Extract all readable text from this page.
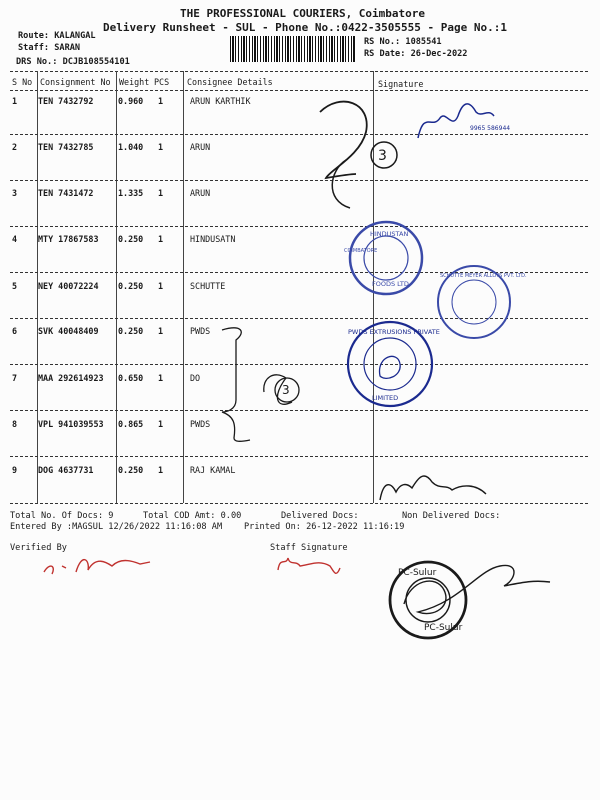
THE PROFESSIONAL COURIERS, Coimbatore
Delivery Runsheet - SUL - Phone No.:0422-3505555 - Page No.:1
Route: KALANGAL
Staff: SARAN
DRS No.: DCJB108554101
RS No.: 1085541
RS Date: 26-Dec-2022
S No Consignment No Weight PCS Consignee Details	Signature
1 TEN 7432792	0.960 1	ARUN KARTHIK
2 TEN 7432785	1.040 1	ARUN
3 TEN 7431472	1.335 1	ARUN
4 MTY 17867583 0.250 1	HINDUSATN
5 NEY 40072224 0.250 1	SCHUTTE
6 SVK 40048409 0.250 1	PWDS
7 MAA 292614923 0.650 1	DO
8 VPL 941039553 0.865 1	PWDS
9 DOG 4637731	0.250 1	RAJ KAMAL
Total No. Of Docs: 9	Total COD Amt: 0.00	Delivered Docs:	Non Delivered Docs:
Entered By :MAGSUL 12/26/2022 11:16:08 AM	Printed On: 26-12-2022 11:16:19
Verified By	Staff Signature
3
9965 586944
3
HINDUSTAN
FOODS LTD
COIMBATORE
SCHUTTE MEYER ALLOYS PVT. LTD.
PWDS EXTRUSIONS PRIVATE
LIMITED
PC-Sulur
PC-Sulur
